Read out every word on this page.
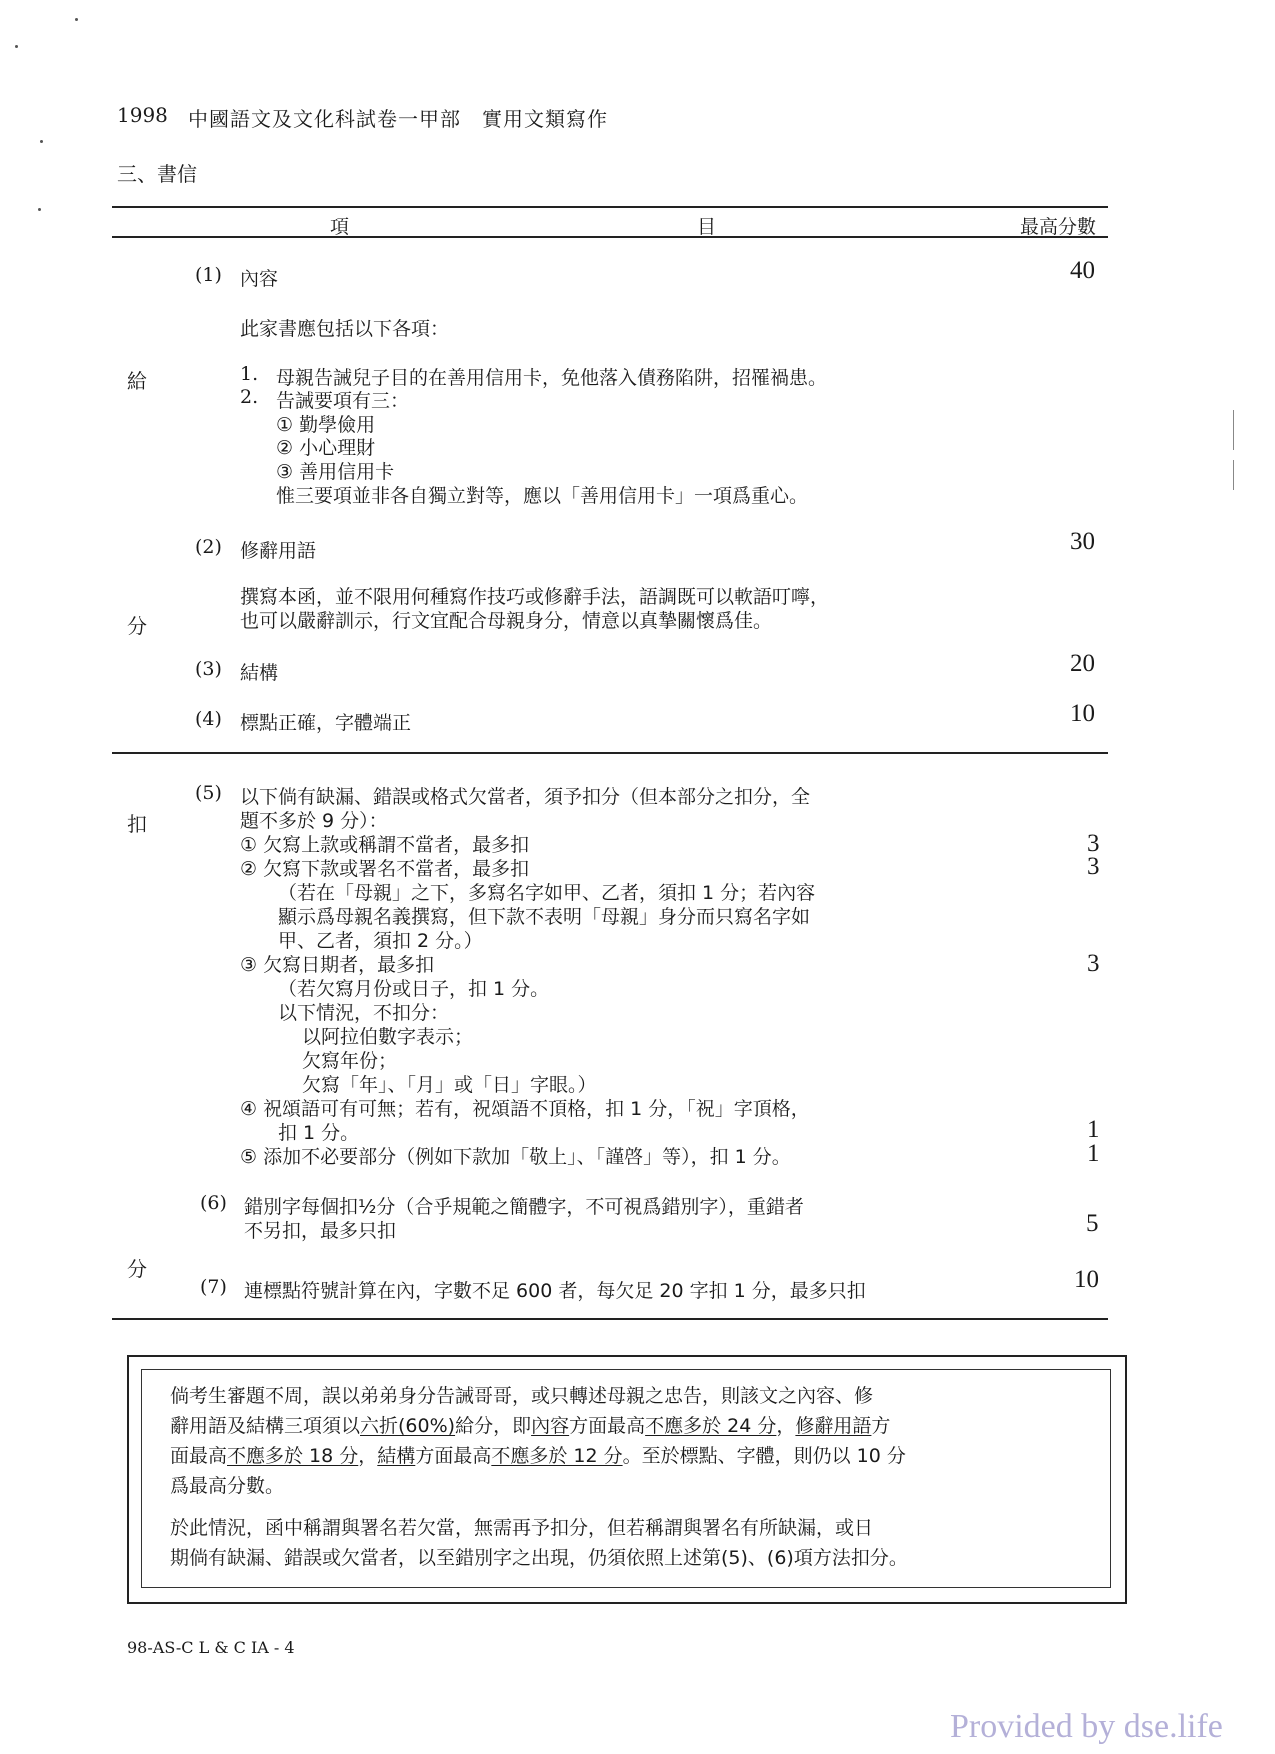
1998 中國語文及文化科試卷一甲部　實用文類寫作
三、書信
項	目	最高分數
給
分
扣
分
(1) 內容	40
此家書應包括以下各項：
1. 母親告誡兒子目的在善用信用卡，免他落入債務陷阱，招罹禍患。
2. 告誡要項有三：
① 勤學儉用
② 小心理財
③ 善用信用卡
惟三要項並非各自獨立對等，應以「善用信用卡」一項爲重心。
(2) 修辭用語	30
撰寫本函，並不限用何種寫作技巧或修辭手法，語調既可以軟語叮嚀，
也可以嚴辭訓示，行文宜配合母親身分，情意以真摯關懷爲佳。
(3) 結構	20
(4) 標點正確，字體端正	10
(5) 以下倘有缺漏、錯誤或格式欠當者，須予扣分（但本部分之扣分，全
題不多於 9 分）：
① 欠寫上款或稱謂不當者，最多扣	3
② 欠寫下款或署名不當者，最多扣	3
（若在「母親」之下，多寫名字如甲、乙者，須扣 1 分；若內容
顯示爲母親名義撰寫，但下款不表明「母親」身分而只寫名字如
甲、乙者，須扣 2 分。）
③ 欠寫日期者，最多扣	3
（若欠寫月份或日子，扣 1 分。
以下情況，不扣分：
以阿拉伯數字表示；
欠寫年份；
欠寫「年」、「月」或「日」字眼。）
④ 祝頌語可有可無；若有，祝頌語不頂格，扣 1 分，「祝」字頂格，
扣 1 分。	1
⑤ 添加不必要部分（例如下款加「敬上」、「謹啓」等），扣 1 分。	1
(6) 錯別字每個扣½分（合乎規範之簡體字，不可視爲錯別字），重錯者
不另扣，最多只扣	5
(7) 連標點符號計算在內，字數不足 600 者，每欠足 20 字扣 1 分，最多只扣	10
倘考生審題不周，誤以弟弟身分告誡哥哥，或只轉述母親之忠告，則該文之內容、修
辭用語及結構三項須以六折(60%)給分，即內容方面最高不應多於 24 分，修辭用語方
面最高不應多於 18 分，結構方面最高不應多於 12 分。至於標點、字體，則仍以 10 分
爲最高分數。
於此情況，函中稱謂與署名若欠當，無需再予扣分，但若稱謂與署名有所缺漏，或日
期倘有缺漏、錯誤或欠當者，以至錯別字之出現，仍須依照上述第(5)、(6)項方法扣分。
98-AS-C L & C IA - 4
Provided by dse.life
